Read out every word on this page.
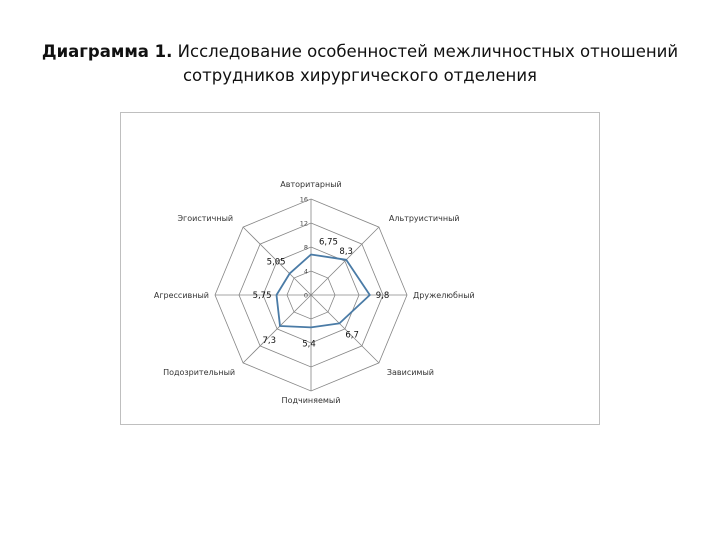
Диаграмма 1. Исследование особенностей межличностных отношений
сотрудников хирургического отделения
0
4
8
12
16
6,75
8,3
9,8
6,7
5,4
7,3
5,75
5,05
Авторитарный
Альтруистичный
Дружелюбный
Зависимый
Подчиняемый
Подозрительный
Агрессивный
Эгоистичный
